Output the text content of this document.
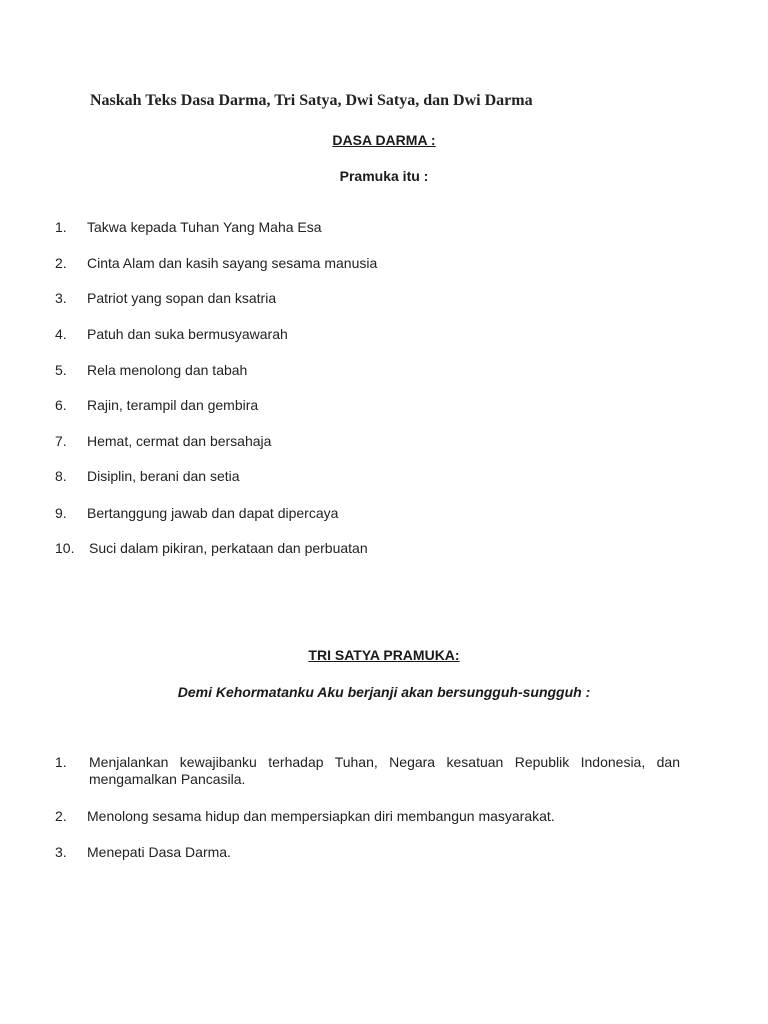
Naskah Teks Dasa Darma, Tri Satya, Dwi Satya, dan Dwi Darma
DASA DARMA :
Pramuka itu :
1. Takwa kepada Tuhan Yang Maha Esa
2. Cinta Alam dan kasih sayang sesama manusia
3. Patriot yang sopan dan ksatria
4. Patuh dan suka bermusyawarah
5. Rela menolong dan tabah
6. Rajin, terampil dan gembira
7. Hemat, cermat dan bersahaja
8. Disiplin, berani dan setia
9. Bertanggung jawab dan dapat dipercaya
10. Suci dalam pikiran, perkataan dan perbuatan
TRI SATYA PRAMUKA:
Demi Kehormatanku Aku berjanji akan bersungguh-sungguh :
1. Menjalankan kewajibanku terhadap Tuhan, Negara kesatuan Republik Indonesia, dan mengamalkan Pancasila.
2. Menolong sesama hidup dan mempersiapkan diri membangun masyarakat.
3. Menepati Dasa Darma.
